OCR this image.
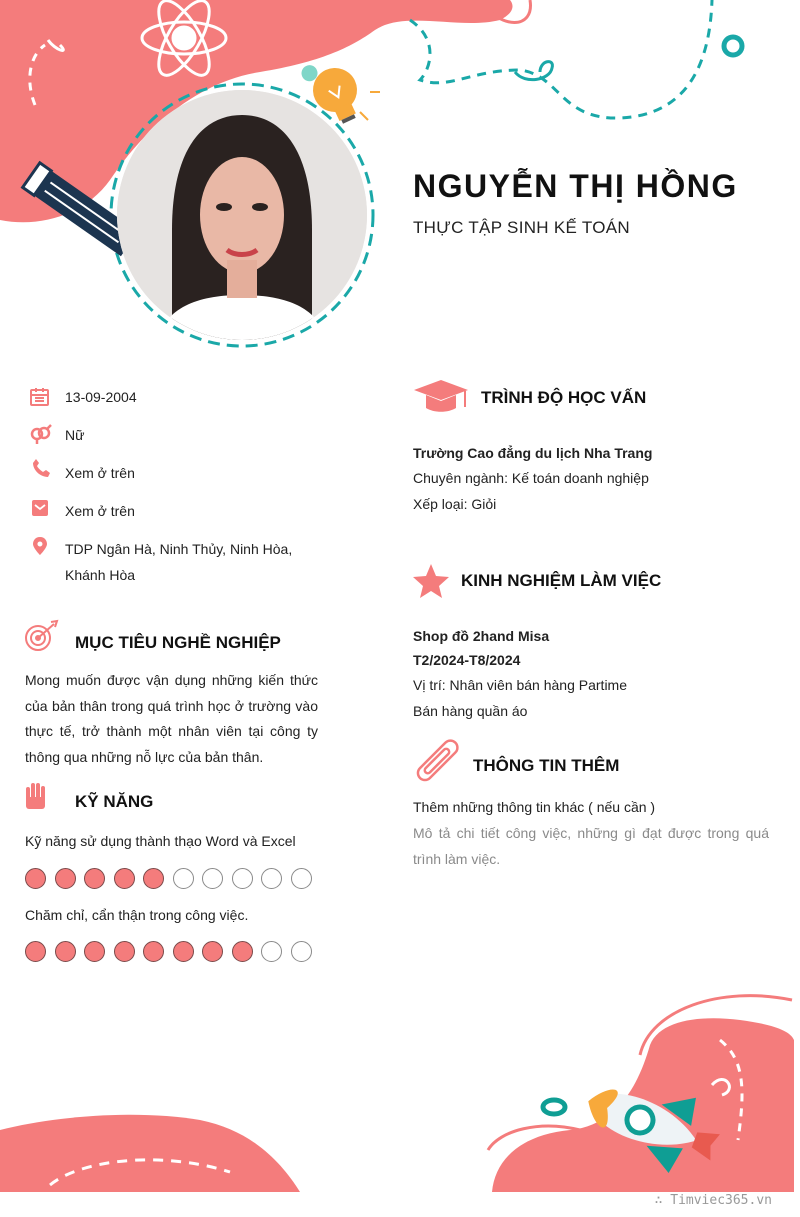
NGUYỄN THỊ HỒNG
THỰC TẬP SINH KẾ TOÁN
13-09-2004
Nữ
Xem ở trên
Xem ở trên
TDP Ngân Hà, Ninh Thủy, Ninh Hòa, Khánh Hòa
MỤC TIÊU NGHỀ NGHIỆP
Mong muốn được vận dụng những kiến thức của bản thân trong quá trình học ở trường vào thực tế, trở thành một nhân viên tại công ty thông qua những nỗ lực của bản thân.
KỸ NĂNG
Kỹ năng sử dụng thành thạo Word và Excel
Chăm chỉ, cẩn thận trong công việc.
TRÌNH ĐỘ HỌC VẤN
Trường Cao đẳng du lịch Nha Trang
Chuyên ngành: Kế toán doanh nghiệp
Xếp loại: Giỏi
KINH NGHIỆM LÀM VIỆC
Shop đồ 2hand Misa
T2/2024-T8/2024
Vị trí: Nhân viên bán hàng Partime
Bán hàng quần áo
THÔNG TIN THÊM
Thêm những thông tin khác ( nếu cần )
Mô tả chi tiết công việc, những gì đạt được trong quá trình làm việc.
∴ Timviec365.vn
